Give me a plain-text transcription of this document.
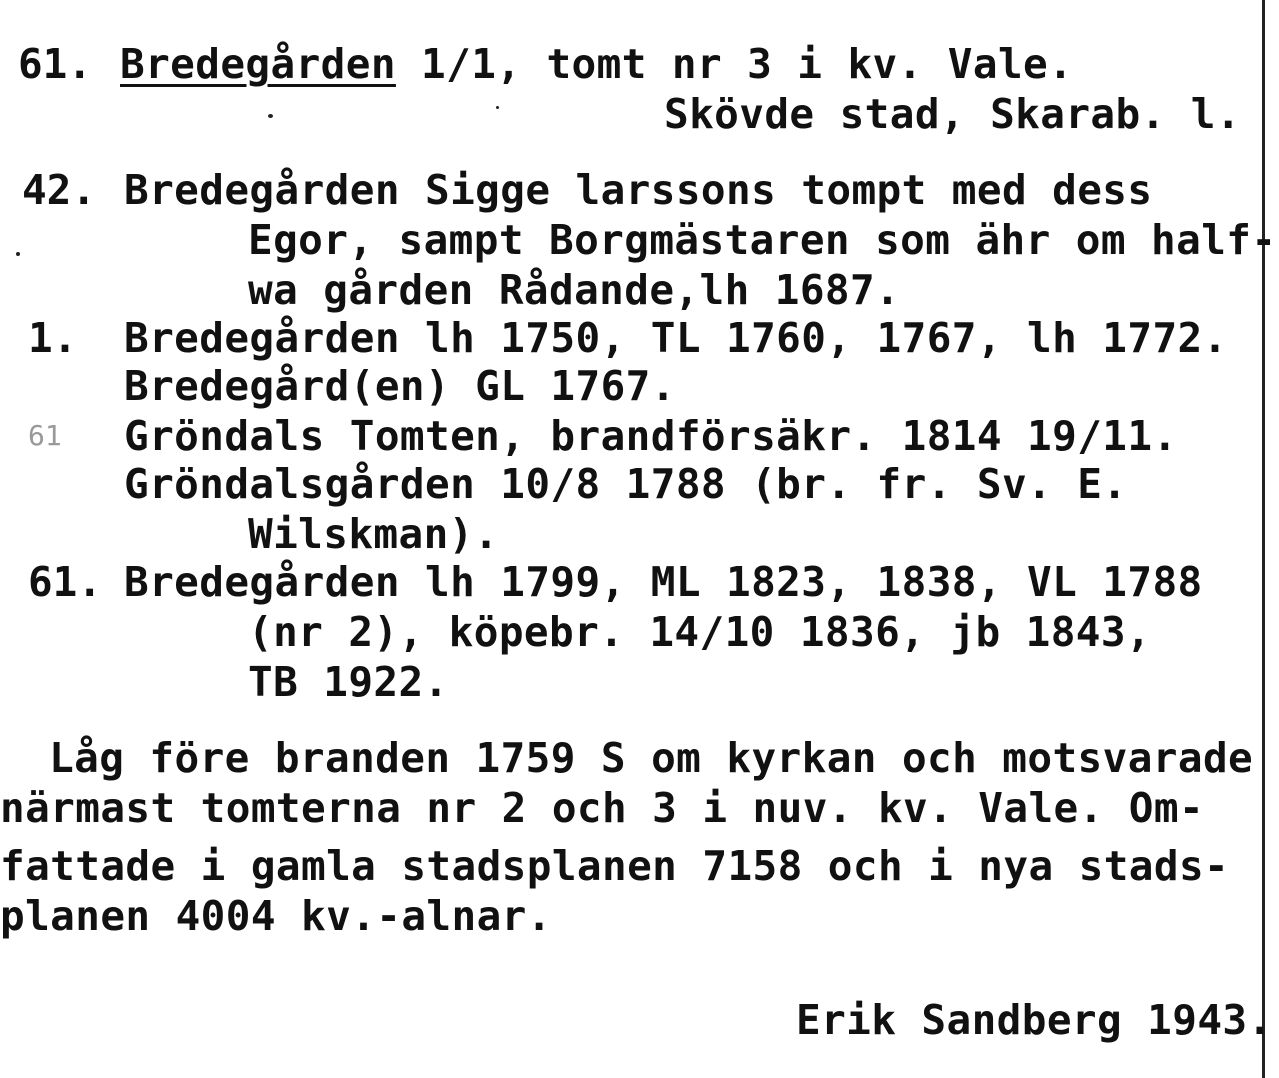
61. Bredegården 1/1, tomt nr 3 i kv. Vale.
Skövde stad, Skarab. l.
42. Bredegården Sigge larssons tompt med dess
Egor, sampt Borgmästaren som ähr om half-
wa gården Rådande,lh 1687.
1. Bredegården lh 1750, TL 1760, 1767, lh 1772.
Bredegård(en) GL 1767.
61 Gröndals Tomten, brandförsäkr. 1814 19/11.
Gröndalsgården 10/8 1788 (br. fr. Sv. E.
Wilskman).
61. Bredegården lh 1799, ML 1823, 1838, VL 1788
(nr 2), köpebr. 14/10 1836, jb 1843,
TB 1922.
Låg före branden 1759 S om kyrkan och motsvarade
närmast tomterna nr 2 och 3 i nuv. kv. Vale. Om-
fattade i gamla stadsplanen 7158 och i nya stads-
planen 4004 kv.-alnar.
Erik Sandberg 1943.
